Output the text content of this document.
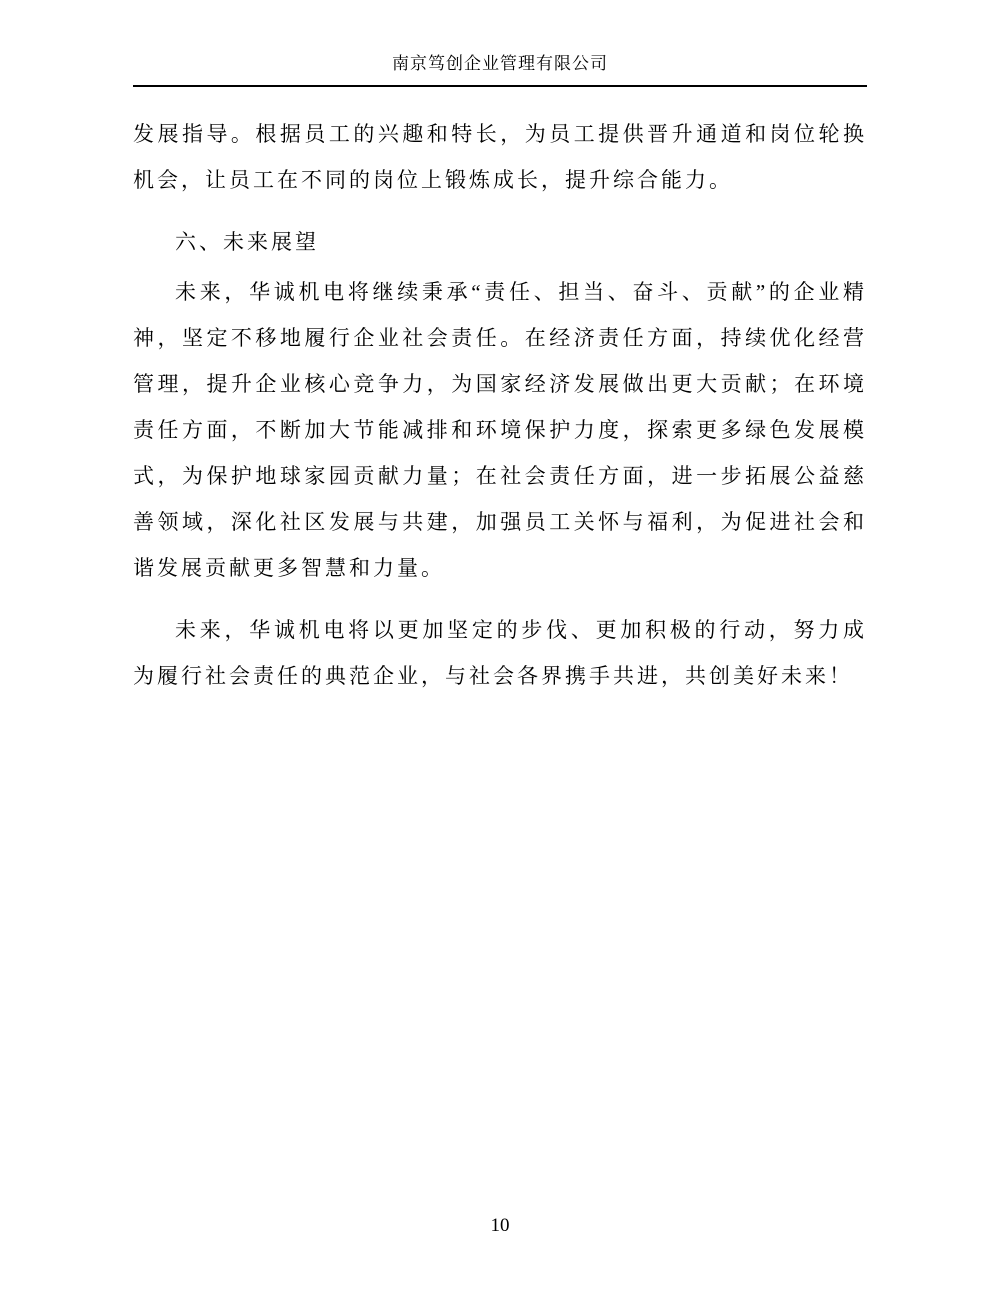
南京笃创企业管理有限公司

发展指导。根据员工的兴趣和特长，为员工提供晋升通道和岗位轮换机会，让员工在不同的岗位上锻炼成长，提升综合能力。

六、未来展望

未来，华诚机电将继续秉承“责任、担当、奋斗、贡献”的企业精神，坚定不移地履行企业社会责任。在经济责任方面，持续优化经营管理，提升企业核心竞争力，为国家经济发展做出更大贡献；在环境责任方面，不断加大节能减排和环境保护力度，探索更多绿色发展模式，为保护地球家园贡献力量；在社会责任方面，进一步拓展公益慈善领域，深化社区发展与共建，加强员工关怀与福利，为促进社会和谐发展贡献更多智慧和力量。

未来，华诚机电将以更加坚定的步伐、更加积极的行动，努力成为履行社会责任的典范企业，与社会各界携手共进，共创美好未来！

10
